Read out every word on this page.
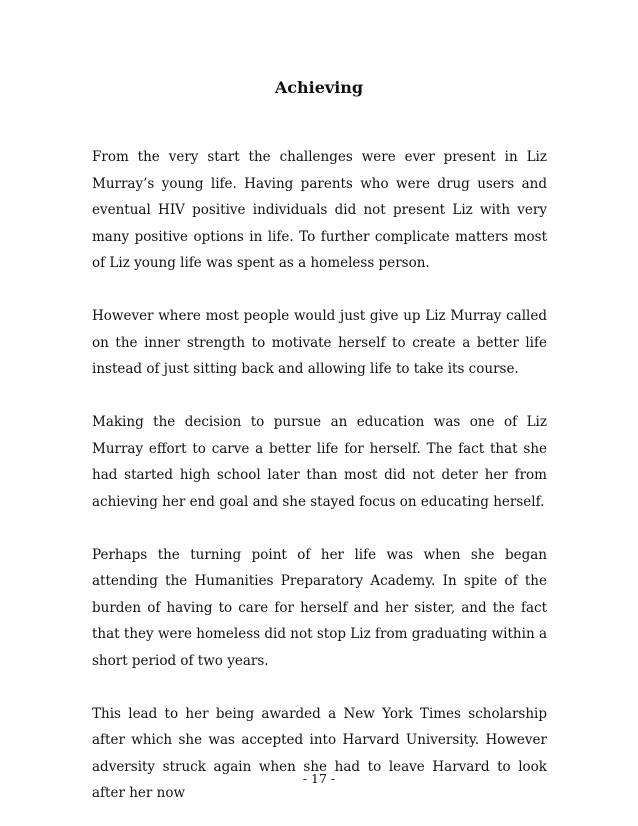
Achieving

From the very start the challenges were ever present in Liz Murray’s young life. Having parents who were drug users and eventual HIV positive individuals did not present Liz with very many positive options in life. To further complicate matters most of Liz young life was spent as a homeless person.

However where most people would just give up Liz Murray called on the inner strength to motivate herself to create a better life instead of just sitting back and allowing life to take its course.

Making the decision to pursue an education was one of Liz Murray effort to carve a better life for herself. The fact that she had started high school later than most did not deter her from achieving her end goal and she stayed focus on educating herself.

Perhaps the turning point of her life was when she began attending the Humanities Preparatory Academy. In spite of the burden of having to care for herself and her sister, and the fact that they were homeless did not stop Liz from graduating within a short period of two years.

This lead to her being awarded a New York Times scholarship after which she was accepted into Harvard University. However adversity struck again when she had to leave Harvard to look after her now

- 17 -
